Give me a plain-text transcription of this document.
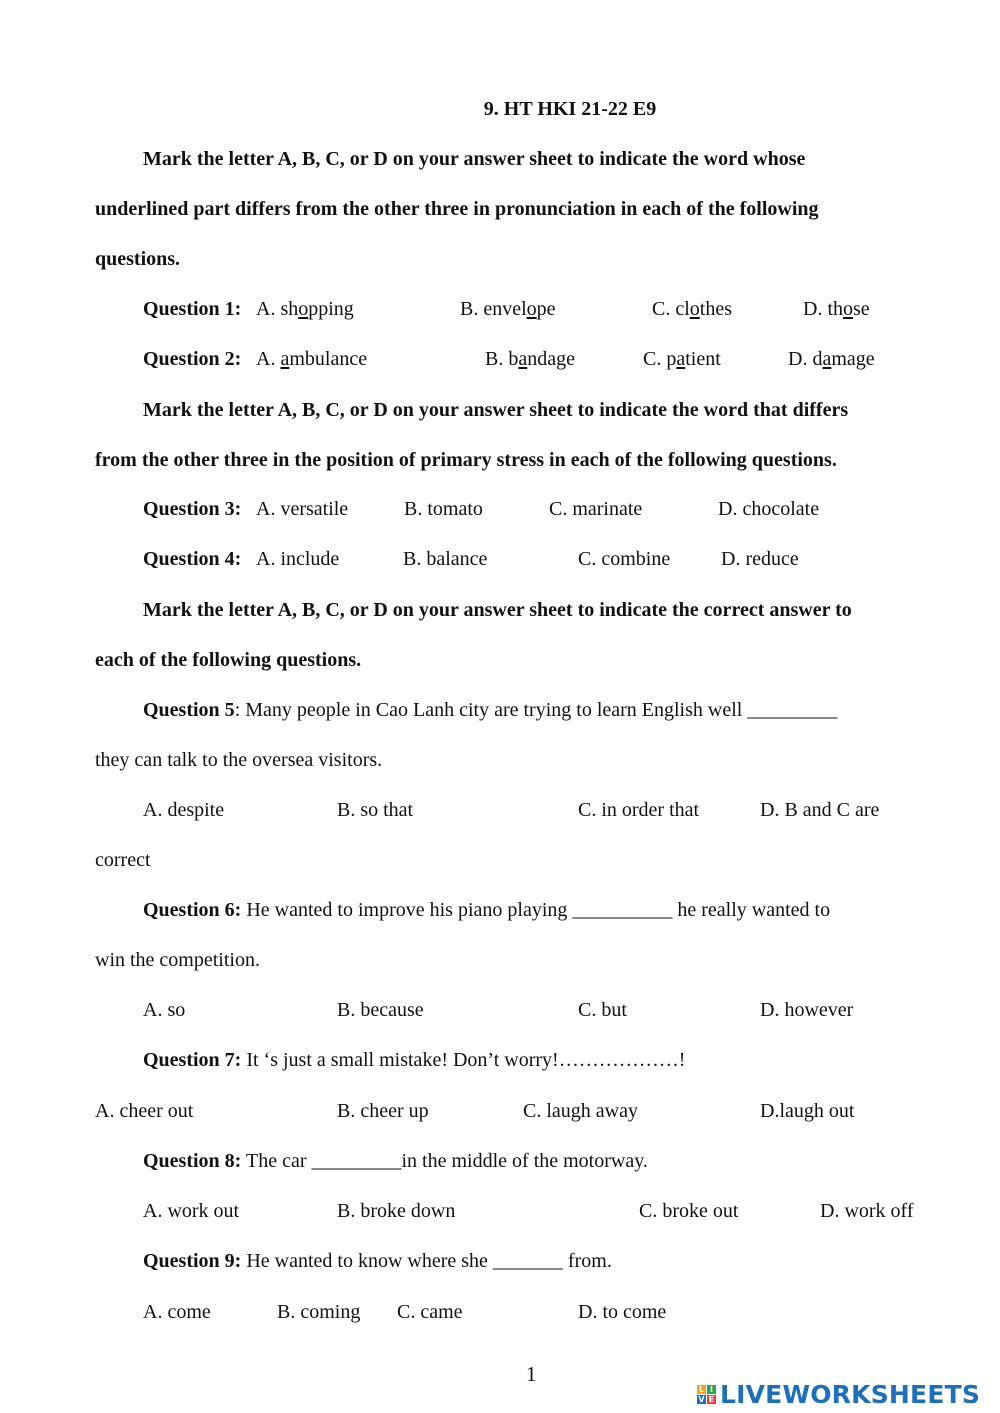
9. HT HKI 21-22 E9
Mark the letter A, B, C, or D on your answer sheet to indicate the word whose
underlined part differs from the other three in pronunciation in each of the following
questions.
Question 1: A. shopping	B. envelope	C. clothes	D. those
Question 2: A. ambulance	B. bandage	C. patient	D. damage
Mark the letter A, B, C, or D on your answer sheet to indicate the word that differs
from the other three in the position of primary stress in each of the following questions.
Question 3: A. versatile	B. tomato	C. marinate	D. chocolate
Question 4: A. include	B. balance	C. combine	D. reduce
Mark the letter A, B, C, or D on your answer sheet to indicate the correct answer to
each of the following questions.
Question 5: Many people in Cao Lanh city are trying to learn English well _________
they can talk to the oversea visitors.
A. despite	B. so that	C. in order that	D. B and C are
correct
Question 6: He wanted to improve his piano playing __________ he really wanted to
win the competition.
A. so	B. because	C. but	D. however
Question 7: It ‘s just a small mistake! Don’t worry!………………!
A. cheer out	B. cheer up	C. laugh away	D.laugh out
Question 8: The car _________in the middle of the motorway.
A. work out	B. broke down	C. broke out	D. work off
Question 9: He wanted to know where she _______ from.
A. come	B. coming C. came	D. to come
1
L I
V E LIVEWORKSHEETS
